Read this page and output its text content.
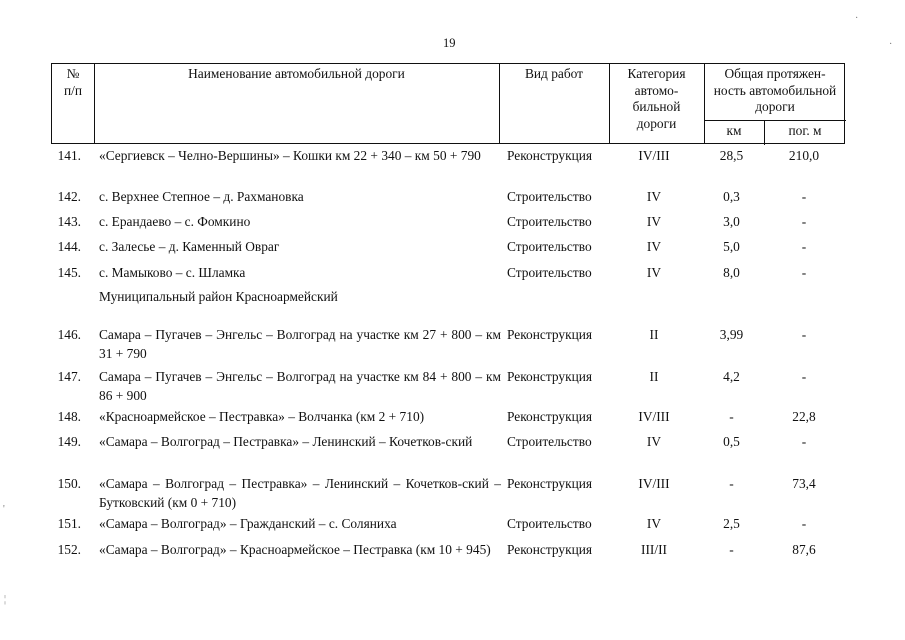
·
·
'
¦
19
№
п/п
Наименование автомобильной дороги	Вид работ	Категория
автомо-
бильной
дороги
Общая протяжен-
ность автомобильной
дороги
км	пог. м
141. «Сергиевск – Челно-Вершины» – Кошки км 22 + 340 – км 50 + 790	Реконструкция	IV/III	28,5	210,0
142. с. Верхнее Степное – д. Рахмановка	Строительство	IV	0,3	-
143. с. Ерандаево – с. Фомкино	Строительство	IV	3,0	-
144. с. Залесье – д. Каменный Овраг	Строительство	IV	5,0	-
145. с. Мамыково – с. Шламка	Строительство	IV	8,0	-
Муниципальный район Красноармейский
146. Самара – Пугачев – Энгельс – Волгоград на участке км 27 + 800 – км 31 + 790
Реконструкция	II	3,99	-
147. Самара – Пугачев – Энгельс – Волгоград на участке км 84 + 800 – км 86 + 900
Реконструкция	II	4,2	-
148. «Красноармейское – Пестравка» – Волчанка (км 2 + 710)	Реконструкция	IV/III	-	22,8
149. «Самара – Волгоград – Пестравка» – Ленинский – Кочетков-ский	Строительство	IV	0,5	-
150. «Самара – Волгоград – Пестравка» – Ленинский – Кочетков-ский – Бутковский (км 0 + 710)
Реконструкция	IV/III	-	73,4
151. «Самара – Волгоград» – Гражданский – с. Соляниха	Строительство	IV	2,5	-
152. «Самара – Волгоград» – Красноармейское – Пестравка (км 10 + 945)	Реконструкция	III/II	-	87,6
